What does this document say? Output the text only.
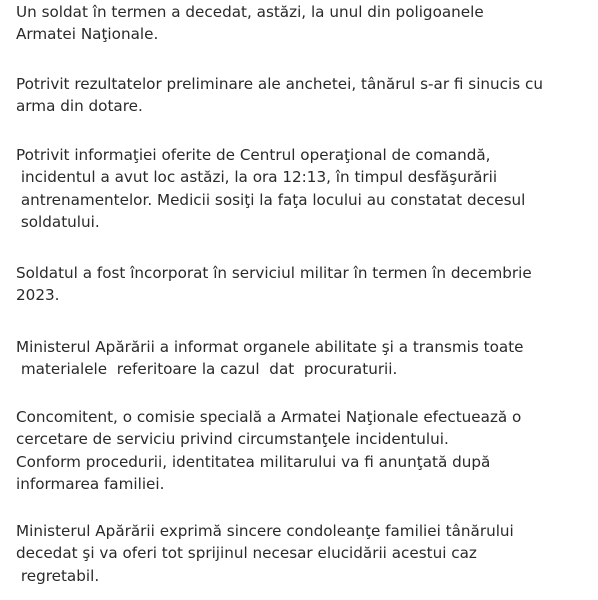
Un soldat în termen a decedat, astăzi, la unul din poligoanele
Armatei Naţionale.

Potrivit rezultatelor preliminare ale anchetei, tânărul s-ar fi sinucis cu
arma din dotare.

Potrivit informaţiei oferite de Centrul operaţional de comandă,
incidentul a avut loc astăzi, la ora 12:13, în timpul desfăşurării
antrenamentelor. Medicii sosiţi la faţa locului au constatat decesul
soldatului.

Soldatul a fost încorporat în serviciul militar în termen în decembrie
2023.

Ministerul Apărării a informat organele abilitate şi a transmis toate
materialele  referitoare la cazul  dat  procuraturii.

Concomitent, o comisie specială a Armatei Naţionale efectuează o
cercetare de serviciu privind circumstanţele incidentului.
Conform procedurii, identitatea militarului va fi anunţată după
informarea familiei.

Ministerul Apărării exprimă sincere condoleanţe familiei tânărului
decedat şi va oferi tot sprijinul necesar elucidării acestui caz
regretabil.
